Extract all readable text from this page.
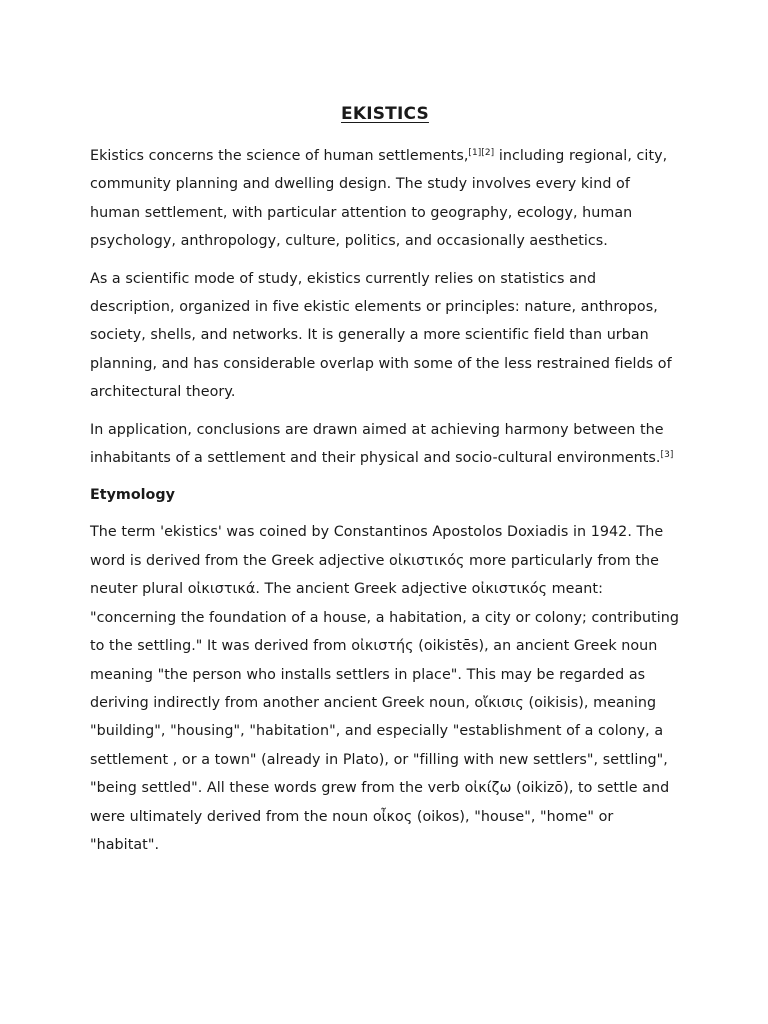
EKISTICS

Ekistics concerns the science of human settlements,[1][2] including regional, city, community planning and dwelling design. The study involves every kind of human settlement, with particular attention to geography, ecology, human psychology, anthropology, culture, politics, and occasionally aesthetics.

As a scientific mode of study, ekistics currently relies on statistics and description, organized in five ekistic elements or principles: nature, anthropos, society, shells, and networks. It is generally a more scientific field than urban planning, and has considerable overlap with some of the less restrained fields of architectural theory.

In application, conclusions are drawn aimed at achieving harmony between the inhabitants of a settlement and their physical and socio-cultural environments.[3]

Etymology

The term 'ekistics' was coined by Constantinos Apostolos Doxiadis in 1942. The word is derived from the Greek adjective οἰκιστικός more particularly from the neuter plural οἰκιστικά. The ancient Greek adjective οἰκιστικός meant: "concerning the foundation of a house, a habitation, a city or colony; contributing to the settling." It was derived from οἰκιστής (oikistēs), an ancient Greek noun meaning "the person who installs settlers in place". This may be regarded as deriving indirectly from another ancient Greek noun, οἴκισις (oikisis), meaning "building", "housing", "habitation", and especially "establishment of a colony, a settlement , or a town" (already in Plato), or "filling with new settlers", settling", "being settled". All these words grew from the verb οἰκίζω (oikizō), to settle and were ultimately derived from the noun οἶκος (oikos), "house", "home" or "habitat".
